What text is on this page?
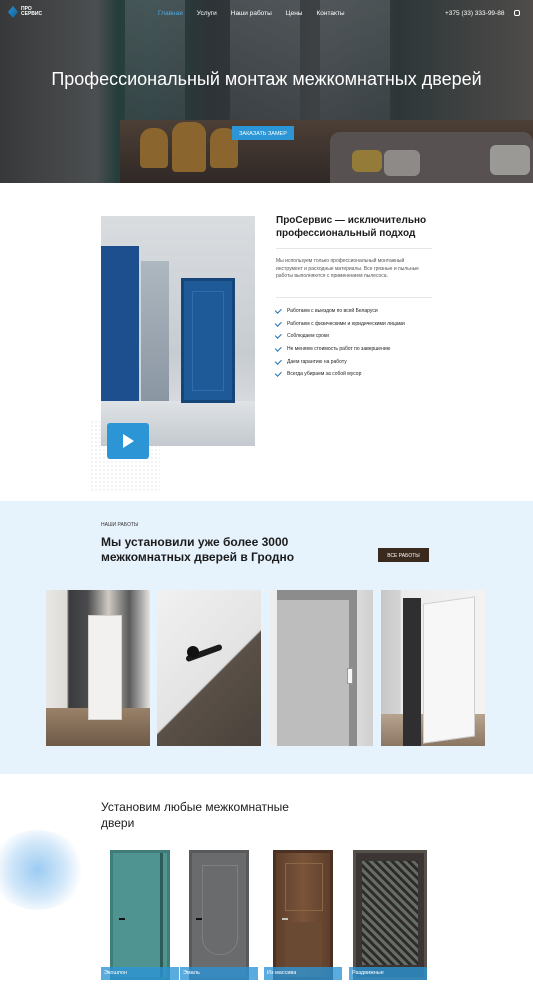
ПРО СЕРВИС	Главная Услуги Наши работы Цены Контакты	+375 (33) 333-99-88
Профессиональный монтаж межкомнатных дверей
ЗАКАЗАТЬ ЗАМЕР
ПроСервис — исключительно профессиональный подход

Мы используем только профессиональный монтажный инструмент и расходные материалы. Все грязные и пыльные работы выполняются с применением пылесоса.

Работаем с выездом по всей Беларуси
Работаем с физическими и юридическими лицами
Соблюдаем сроки
Не меняем стоимость работ по завершению
Даем гарантию на работу
Всегда убираем за собой мусор
НАШИ РАБОТЫ
Мы установили уже более 3000 межкомнатных дверей в Гродно	ВСЕ РАБОТЫ
Установим любые межкомнатные двери
Экошпон	Эмаль	Из массива	Раздвижные
